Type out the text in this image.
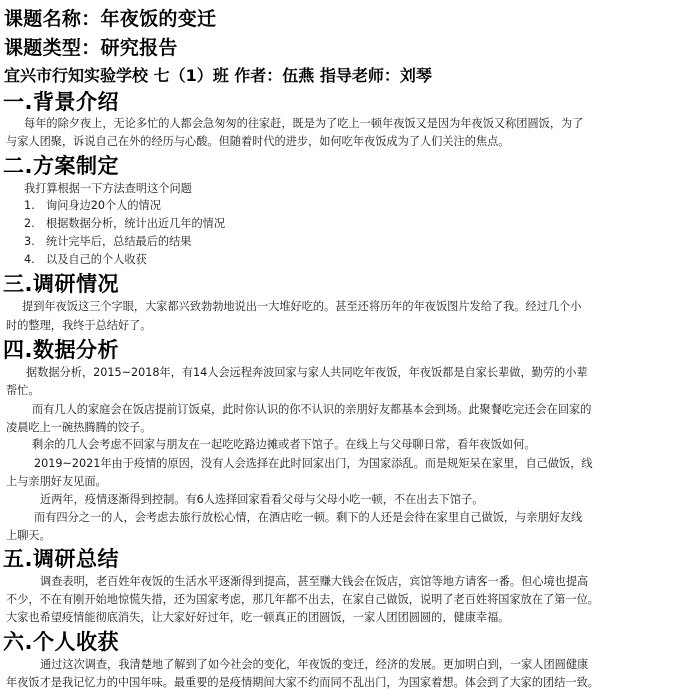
课题名称：年夜饭的变迁
课题类型：研究报告
宜兴市行知实验学校 七（1）班 作者：伍燕 指导老师：刘琴
一.背景介绍
每年的除夕夜上，无论多忙的人都会急匆匆的往家赶，既是为了吃上一顿年夜饭又是因为年夜饭又称团圆饭，为了
与家人团聚，诉说自己在外的经历与心酸。但随着时代的进步，如何吃年夜饭成为了人们关注的焦点。
二.方案制定
我打算根据一下方法查明这个问题
1. 询问身边20个人的情况
2. 根据数据分析，统计出近几年的情况
3. 统计完毕后，总结最后的结果
4. 以及自己的个人收获
三.调研情况
提到年夜饭这三个字眼，大家都兴致勃勃地说出一大堆好吃的。甚至还将历年的年夜饭图片发给了我。经过几个小
时的整理，我终于总结好了。
四.数据分析
据数据分析，2015~2018年，有14人会远程奔波回家与家人共同吃年夜饭，年夜饭都是自家长辈做，勤劳的小辈
帮忙。
而有几人的家庭会在饭店提前订饭桌，此时你认识的你不认识的亲朋好友都基本会到场。此聚餐吃完还会在回家的
凌晨吃上一碗热腾腾的饺子。
剩余的几人会考虑不回家与朋友在一起吃吃路边摊或者下馆子。在线上与父母聊日常，看年夜饭如何。
2019~2021年由于疫情的原因，没有人会选择在此时回家出门，为国家添乱。而是规矩呆在家里，自己做饭，线
上与亲朋好友见面。
近两年，疫情逐渐得到控制。有6人选择回家看看父母与父母小吃一顿，不在出去下馆子。
而有四分之一的人，会考虑去旅行放松心情，在酒店吃一顿。剩下的人还是会待在家里自己做饭，与亲朋好友线
上聊天。
五.调研总结
调查表明，老百姓年夜饭的生活水平逐渐得到提高，甚至赚大钱会在饭店，宾馆等地方请客一番。但心境也提高
不少，不在有刚开始地惊慌失措，还为国家考虑，那几年都不出去，在家自己做饭，说明了老百姓将国家放在了第一位。
大家也希望疫情能彻底消失，让大家好好过年，吃一顿真正的团圆饭，一家人团团圆圆的，健康幸福。
六.个人收获
通过这次调查，我清楚地了解到了如今社会的变化，年夜饭的变迁，经济的发展。更加明白到，一家人团圆健康
年夜饭才是我记忆力的中国年味。最重要的是疫情期间大家不约而同不乱出门，为国家着想。体会到了大家的团结一致。
